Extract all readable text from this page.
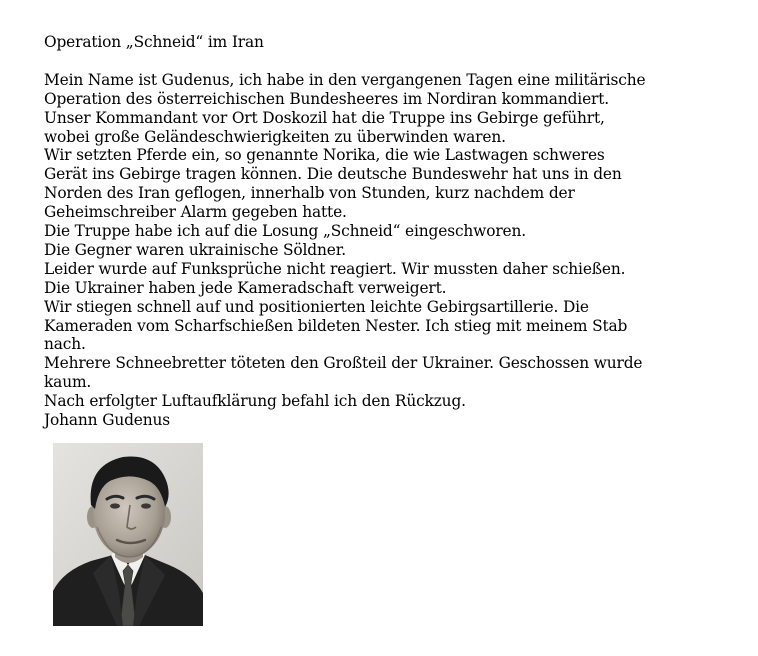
Operation „Schneid“ im Iran

Mein Name ist Gudenus, ich habe in den vergangenen Tagen eine militärische

Operation des österreichischen Bundesheeres im Nordiran kommandiert.

Unser Kommandant vor Ort Doskozil hat die Truppe ins Gebirge geführt,

wobei große Geländeschwierigkeiten zu überwinden waren.

Wir setzten Pferde ein, so genannte Norika, die wie Lastwagen schweres

Gerät ins Gebirge tragen können. Die deutsche Bundeswehr hat uns in den

Norden des Iran geflogen, innerhalb von Stunden, kurz nachdem der

Geheimschreiber Alarm gegeben hatte.

Die Truppe habe ich auf die Losung „Schneid“ eingeschworen.

Die Gegner waren ukrainische Söldner.

Leider wurde auf Funksprüche nicht reagiert. Wir mussten daher schießen.

Die Ukrainer haben jede Kameradschaft verweigert.

Wir stiegen schnell auf und positionierten leichte Gebirgsartillerie. Die

Kameraden vom Scharfschießen bildeten Nester. Ich stieg mit meinem Stab

nach.

Mehrere Schneebretter töteten den Großteil der Ukrainer. Geschossen wurde

kaum.

Nach erfolgter Luftaufklärung befahl ich den Rückzug.

Johann Gudenus
